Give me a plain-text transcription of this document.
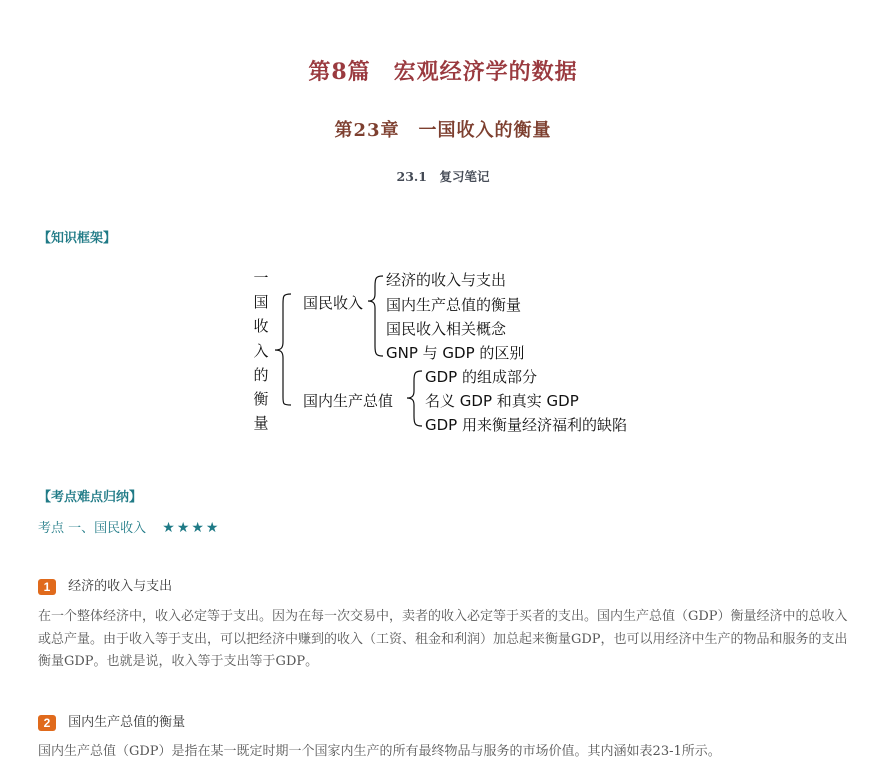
第8篇　宏观经济学的数据
第23章　一国收入的衡量
23.1　复习笔记
【知识框架】
一
国
收
入
的
衡
量
国民收入
经济的收入与支出
国内生产总值的衡量
国民收入相关概念
GNP 与 GDP 的区别
国内生产总值
GDP 的组成部分
名义 GDP 和真实 GDP
GDP 用来衡量经济福利的缺陷
【考点难点归纳】
考点 一、国民收入 ★★★★
1 经济的收入与支出
在一个整体经济中，收入必定等于支出。因为在每一次交易中，卖者的收入必定等于买者的支出。国内生产总值（GDP）衡量经济中的总收入或总产量。由于收入等于支出，可以把经济中赚到的收入（工资、租金和利润）加总起来衡量GDP，也可以用经济中生产的物品和服务的支出衡量GDP。也就是说，收入等于支出等于GDP。
2 国内生产总值的衡量
国内生产总值（GDP）是指在某一既定时期一个国家内生产的所有最终物品与服务的市场价值。其内涵如表23-1所示。
